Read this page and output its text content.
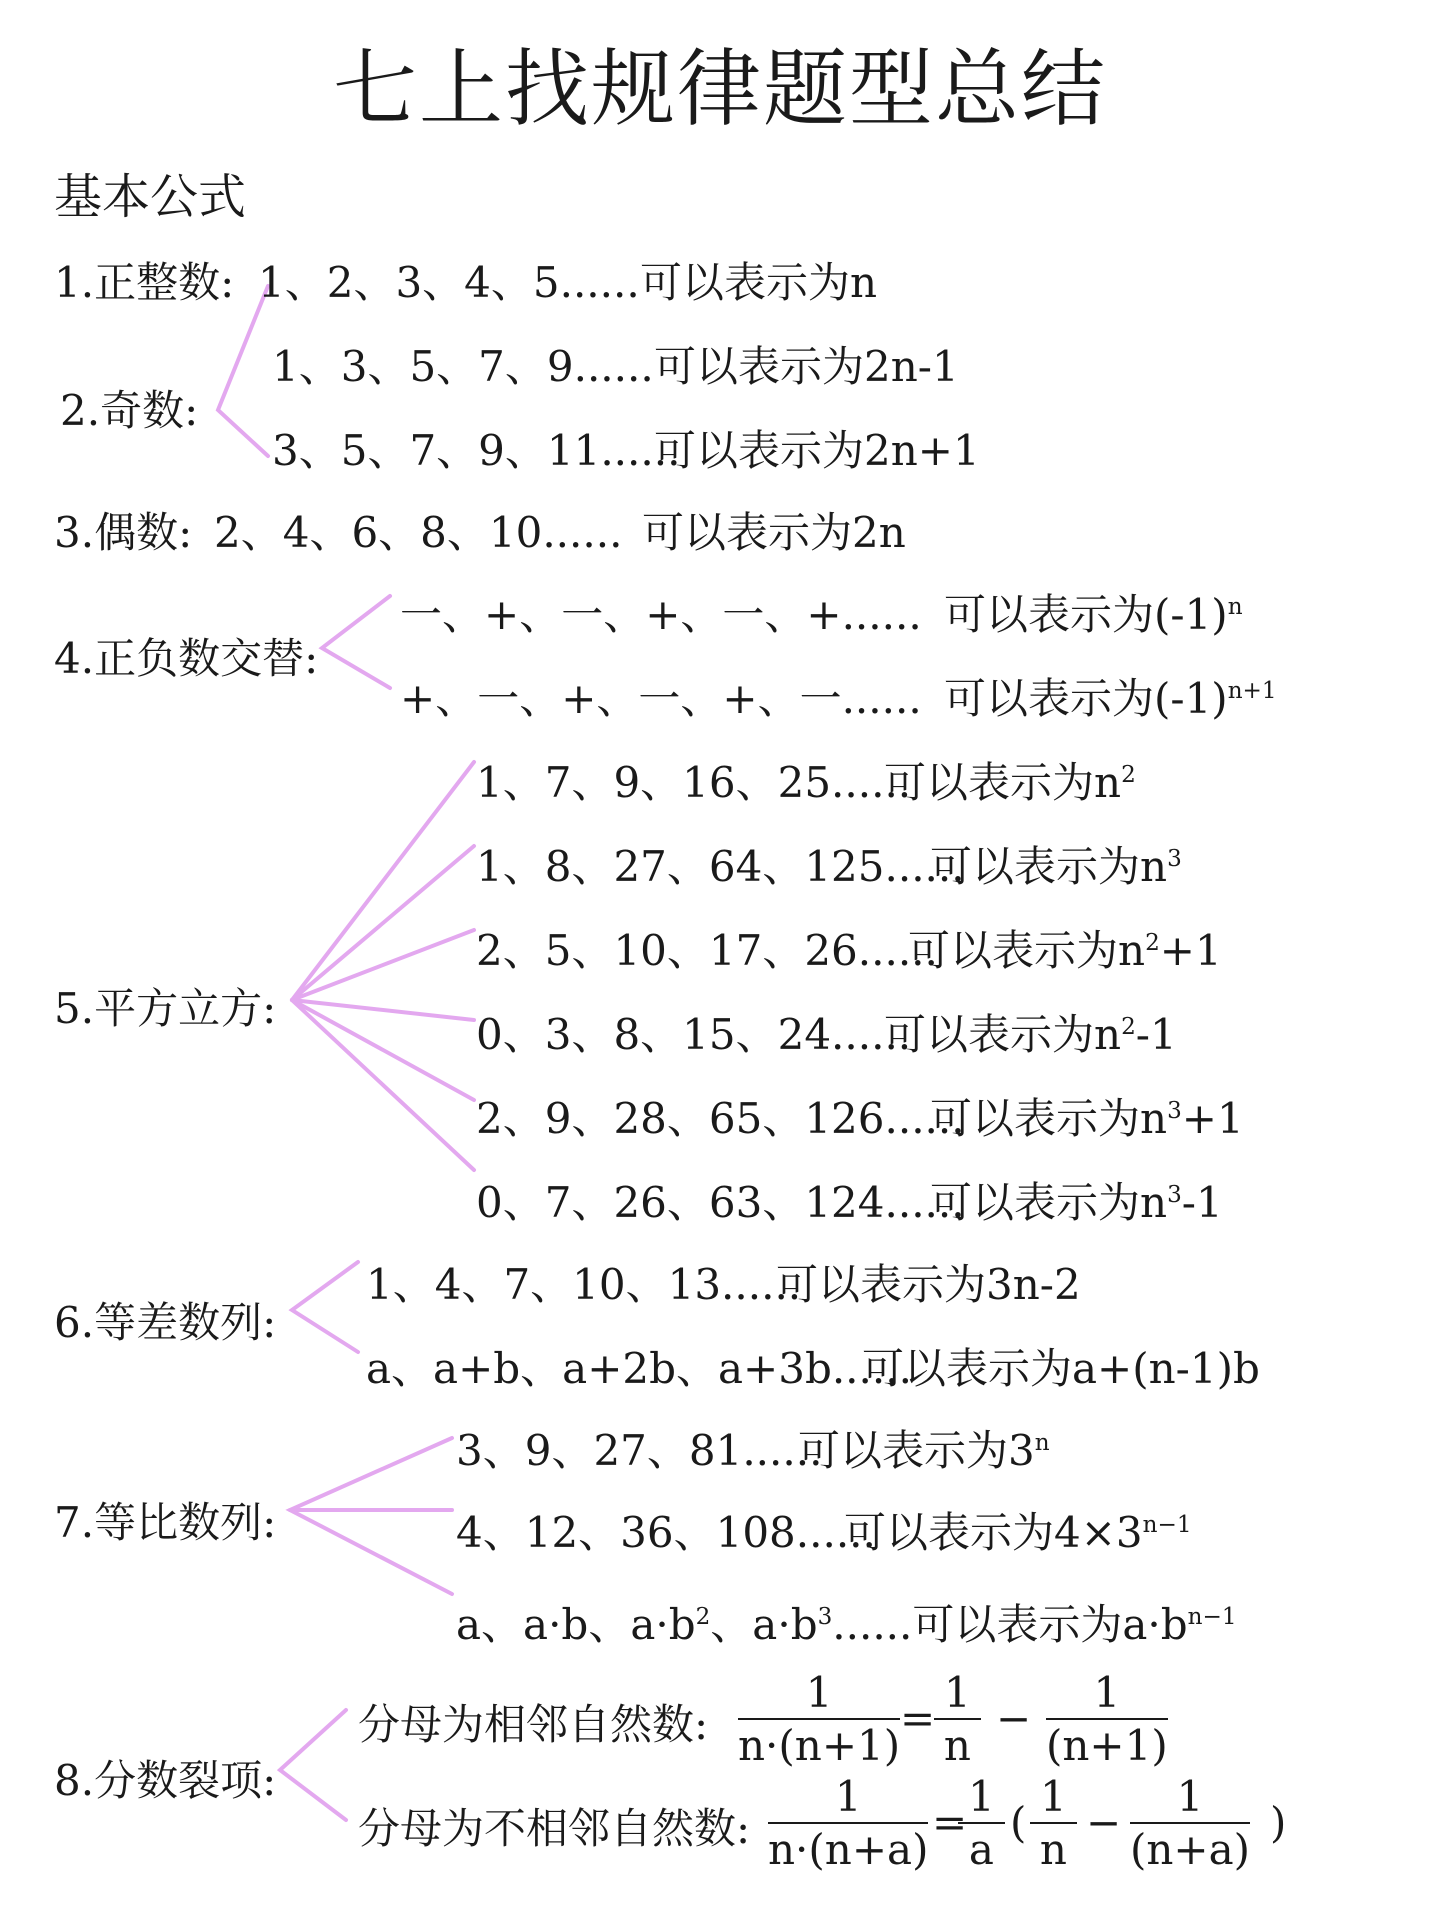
七上找规律题型总结
基本公式
1.正整数: 1、2、3、4、5...... 可以表示为n
2.奇数:
1、3、5、7、9...... 可以表示为2n-1
3、5、7、9、11......
可以表示为2n+1
3.偶数: 2、4、6、8、10...... 可以表示为2n
4.正负数交替:
一、+、一、+、一、+...... 可以表示为$(-1)^n$
+、一、+、一、+、一...... 可以表示为$(-1)^{n+1}$
5.平方立方:
1、7、9、16、25......
可以表示为$n^2$
1、8、27、64、125......
可以表示为$n^3$
2、5、10、17、26......
可以表示为$n^2+1$
0、3、8、15、24......
可以表示为$n^2-1$
2、9、28、65、126......
可以表示为$n^3+1$
0、7、26、63、124......
可以表示为$n^3-1$
6.等差数列:
1、4、7、10、13......
可以表示为3n-2
a、a+b、a+2b、a+3b......
可以表示为a+(n-1)b
7.等比数列:
3、9、27、81......
可以表示为3$^n$
4、12、36、108......
可以表示为$4\times 3^{n-1}$
a、a·b、$a\cdot b^2$、$a\cdot b^3$......可以表示为$a\cdot b^{n-1}$
8.分数裂项:
分母为相邻自然数: $\frac{1}{n\cdot(n+1)}$ =
$\frac{1}{n} - \frac{1}{(n+1)}$
分母为不相邻自然数: $\frac{1}{n\cdot(n+a)}$ =
$\frac{1}{a}$ ( $\frac{1}{n} - \frac{1}{(n+a)}$ )
